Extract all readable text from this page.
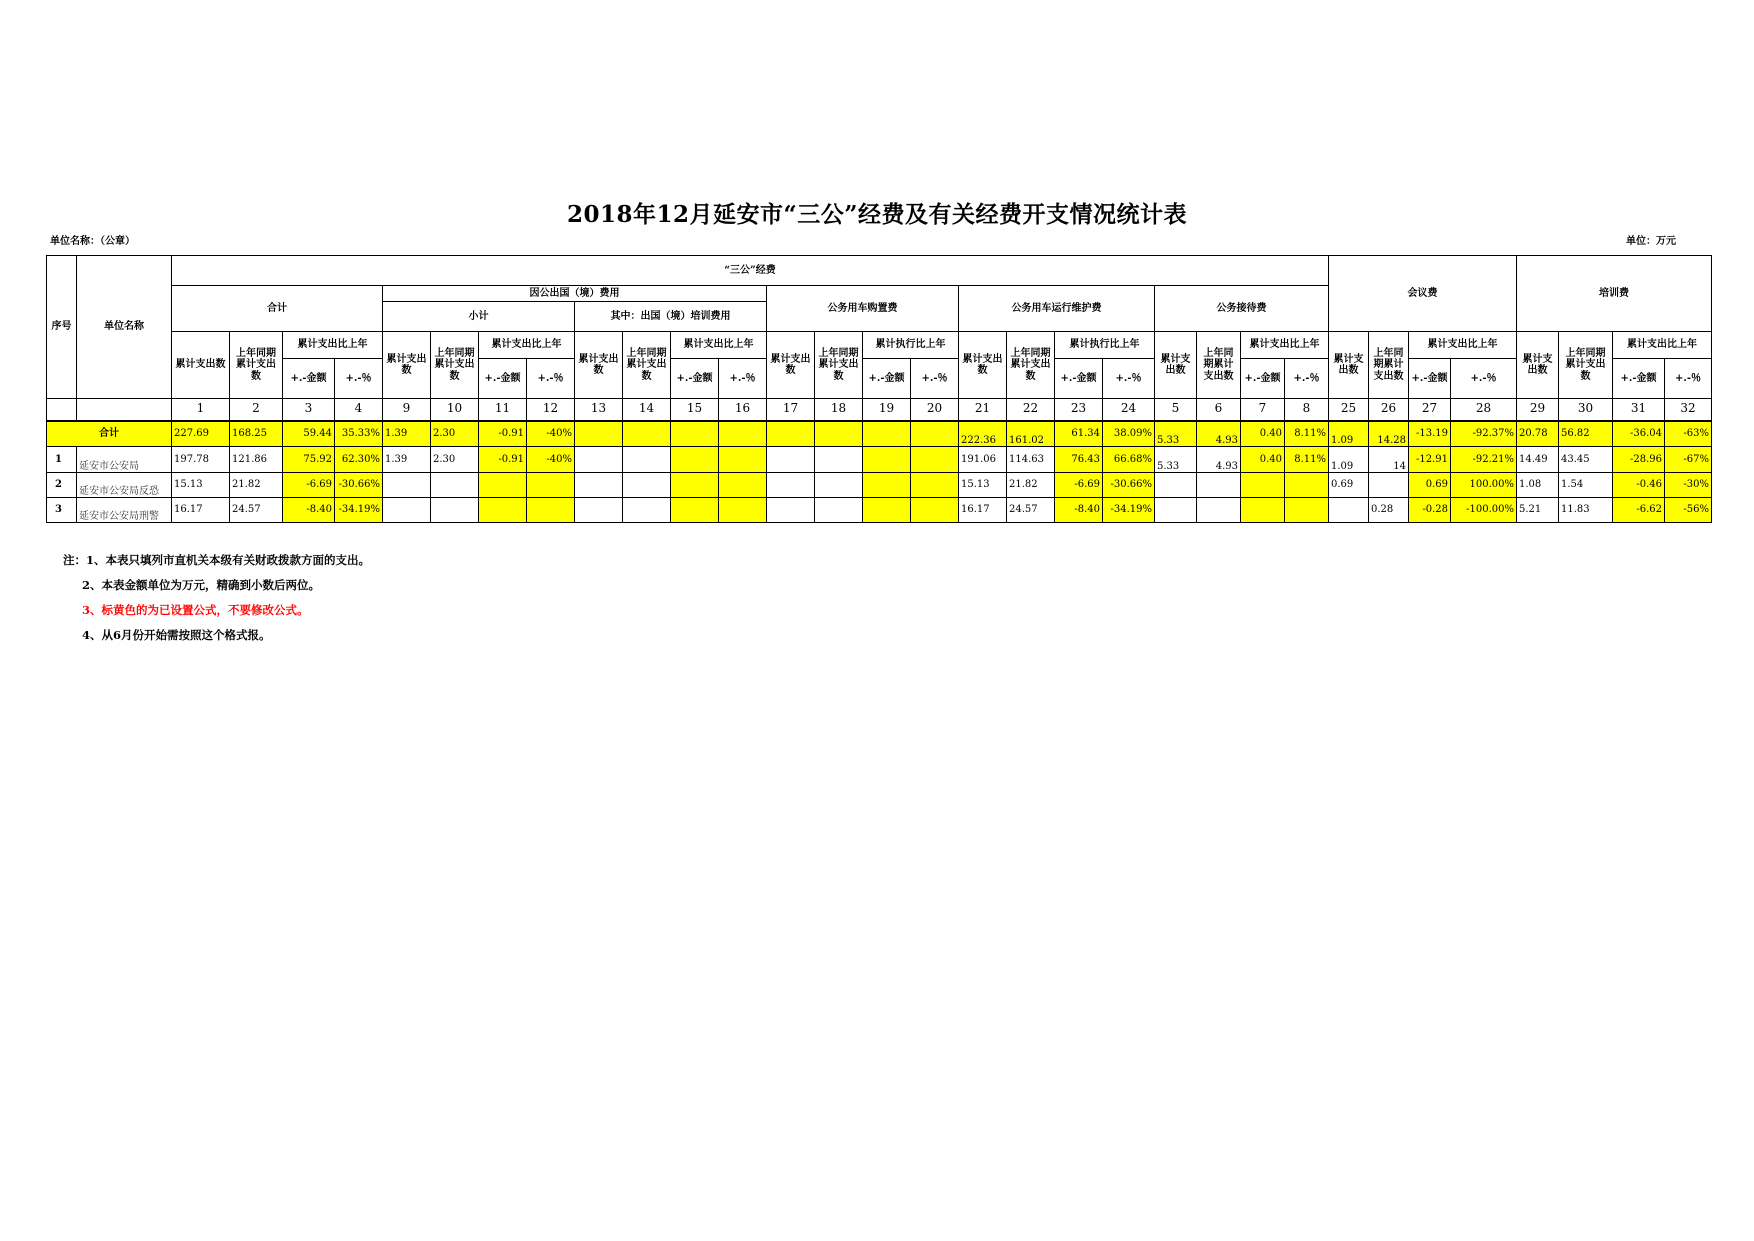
2018年12月延安市“三公”经费及有关经费开支情况统计表
单位名称：（公章）	单位：万元
序号	单位名称	“三公”经费																								会议费				培训费			
		合计				因公出国（境）费用								公务用车购置费				公务用车运行维护费				公务接待费											
						小计				其中：出国（境）培训费用																							
		累计支出数	上年同期累计支出数	累计支出比上年		累计支出数	上年同期累计支出数	累计支出比上年		累计支出数	上年同期累计支出数	累计支出比上年		累计支出数	上年同期累计支出数	累计执行比上年		累计支出数	上年同期累计支出数	累计执行比上年		累计支出数	上年同期累计支出数	累计支出比上年		累计支出数	上年同期累计支出数	累计支出比上年		累计支出数	上年同期累计支出数	累计支出比上年	
				+.-金额	+.-％			+.-金额	+.-％			+.-金额	+.-％			+.-金额	+.-％			+.-金额	+.-％			+.-金额	+.-％			+.-金额	+.-％			+.-金额	+.-％
		1	2	3	4	9	10	11	12	13	14	15	16	17	18	19	20	21	22	23	24	5	6	7	8	25	26	27	28	29	30	31	32
合计		227.69	168.25	59.44	35.33%	1.39	2.30	-0.91	-40%									222.36	161.02	61.34	38.09%	5.33	4.93	0.40	8.11%	1.09	14.28	-13.19	-92.37%	20.78	56.82	-36.04	-63%
1	延安市公安局	197.78	121.86	75.92	62.30%	1.39	2.30	-0.91	-40%									191.06	114.63	76.43	66.68%	5.33	4.93	0.40	8.11%	1.09	14	-12.91	-92.21%	14.49	43.45	-28.96	-67%
2	延安市公安局反恐	15.13	21.82	-6.69	-30.66%													15.13	21.82	-6.69	-30.66%					0.69		0.69	100.00%	1.08	1.54	-0.46	-30%
3	延安市公安局刑警	16.17	24.57	-8.40	-34.19%													16.17	24.57	-8.40	-34.19%						0.28	-0.28	-100.00%	5.21	11.83	-6.62	-56%
注：1、本表只填列市直机关本级有关财政拨款方面的支出。
2、本表金额单位为万元，精确到小数后两位。
3、标黄色的为已设置公式，不要修改公式。
4、从6月份开始需按照这个格式报。
